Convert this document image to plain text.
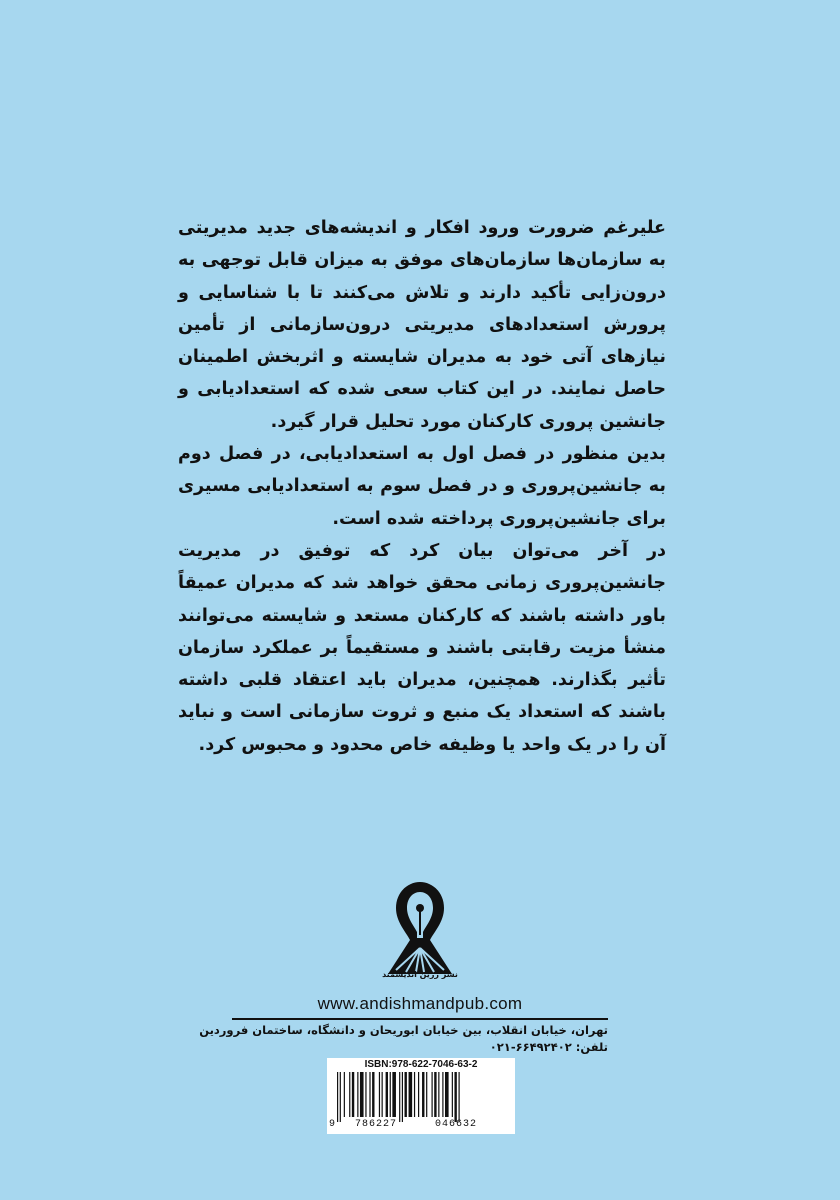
علیرغم ضرورت ورود افکار و اندیشه‌های جدید مدیریتی به سازمان‌ها سازمان‌های موفق به میزان قابل توجهی به درون‌زایی تأکید دارند و تلاش می‌کنند تا با شناسایی و پرورش استعدادهای مدیریتی درون‌سازمانی از تأمین نیازهای آتی خود به مدیران شایسته و اثربخش اطمینان حاصل نمایند. در این کتاب سعی شده که استعدادیابی و جانشین پروری کارکنان مورد تحلیل قرار گیرد.

بدین منظور در فصل اول به استعدادیابی، در فصل دوم به جانشین‌پروری و در فصل سوم به استعدادیابی مسیری برای جانشین‌پروری پرداخته شده است.

در آخر می‌توان بیان کرد که توفیق در مدیریت جانشین‌پروری زمانی محقق خواهد شد که مدیران عمیقاً باور داشته باشند که کارکنان مستعد و شایسته می‌توانند منشأ مزیت رقابتی باشند و مستقیماً بر عملکرد سازمان تأثیر بگذارند. همچنین، مدیران باید اعتقاد قلبی داشته باشند که استعداد یک منبع و ثروت سازمانی است و نباید آن را در یک واحد یا وظیفه خاص محدود و محبوس کرد.

نشر زرین اندیشمند
www.andishmandpub.com
تهران، خیابان انقلاب، بین خیابان ابوریحان و دانشگاه، ساختمان فروردین
تلفن: ۶۶۴۹۲۴۰۲-۰۲۱
ISBN:978-622-7046-63-2
9 786227	046632
